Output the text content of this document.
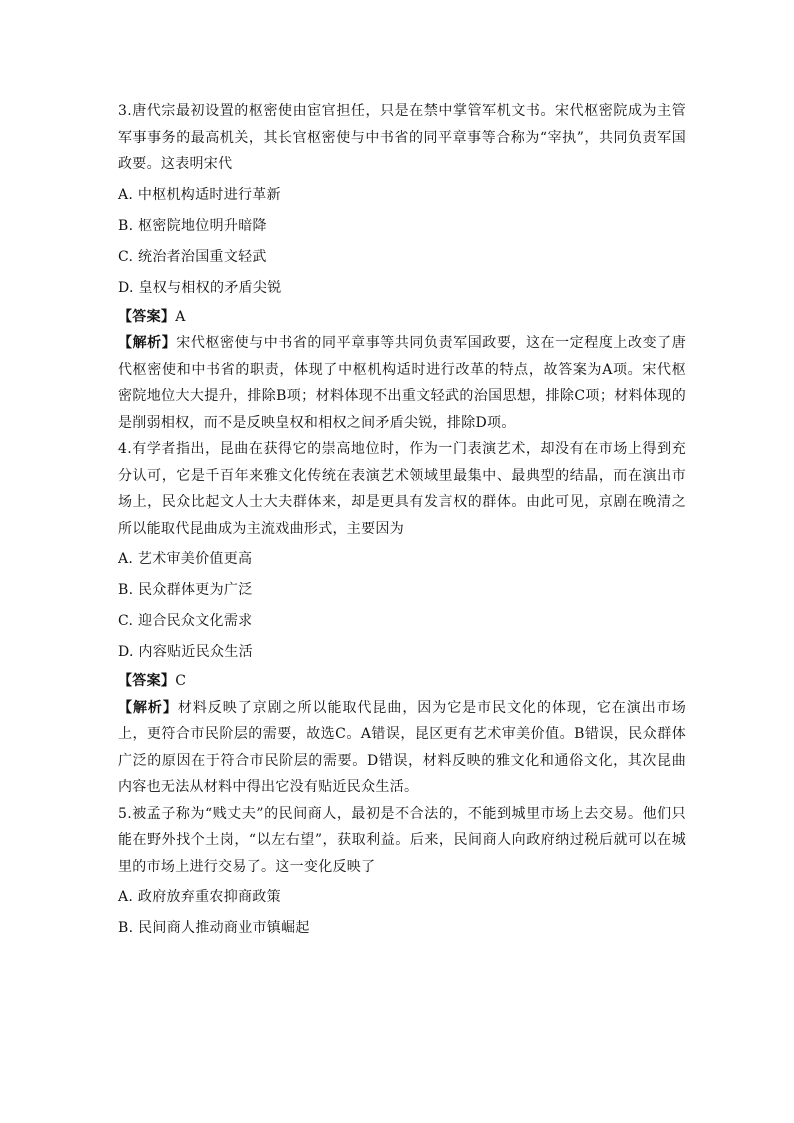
3.唐代宗最初设置的枢密使由宦官担任，只是在禁中掌管军机文书。宋代枢密院成为主管军事事务的最高机关，其长官枢密使与中书省的同平章事等合称为“宰执”，共同负责军国政要。这表明宋代

A. 中枢机构适时进行革新

B. 枢密院地位明升暗降

C. 统治者治国重文轻武

D. 皇权与相权的矛盾尖锐

【答案】A

【解析】宋代枢密使与中书省的同平章事等共同负责军国政要，这在一定程度上改变了唐代枢密使和中书省的职责，体现了中枢机构适时进行改革的特点，故答案为A项。宋代枢密院地位大大提升，排除B项；材料体现不出重文轻武的治国思想，排除C项；材料体现的是削弱相权，而不是反映皇权和相权之间矛盾尖锐，排除D项。

4.有学者指出，昆曲在获得它的崇高地位时，作为一门表演艺术，却没有在市场上得到充分认可，它是千百年来雅文化传统在表演艺术领域里最集中、最典型的结晶，而在演出市场上，民众比起文人士大夫群体来，却是更具有发言权的群体。由此可见，京剧在晚清之所以能取代昆曲成为主流戏曲形式，主要因为

A. 艺术审美价值更高

B. 民众群体更为广泛

C. 迎合民众文化需求

D. 内容贴近民众生活

【答案】C

【解析】材料反映了京剧之所以能取代昆曲，因为它是市民文化的体现，它在演出市场上，更符合市民阶层的需要，故选C。A错误，昆区更有艺术审美价值。B错误，民众群体广泛的原因在于符合市民阶层的需要。D错误，材料反映的雅文化和通俗文化，其次昆曲内容也无法从材料中得出它没有贴近民众生活。

5.被孟子称为“贱丈夫”的民间商人，最初是不合法的，不能到城里市场上去交易。他们只能在野外找个土岗，“以左右望”，获取利益。后来，民间商人向政府纳过税后就可以在城里的市场上进行交易了。这一变化反映了

A. 政府放弃重农抑商政策

B. 民间商人推动商业市镇崛起
